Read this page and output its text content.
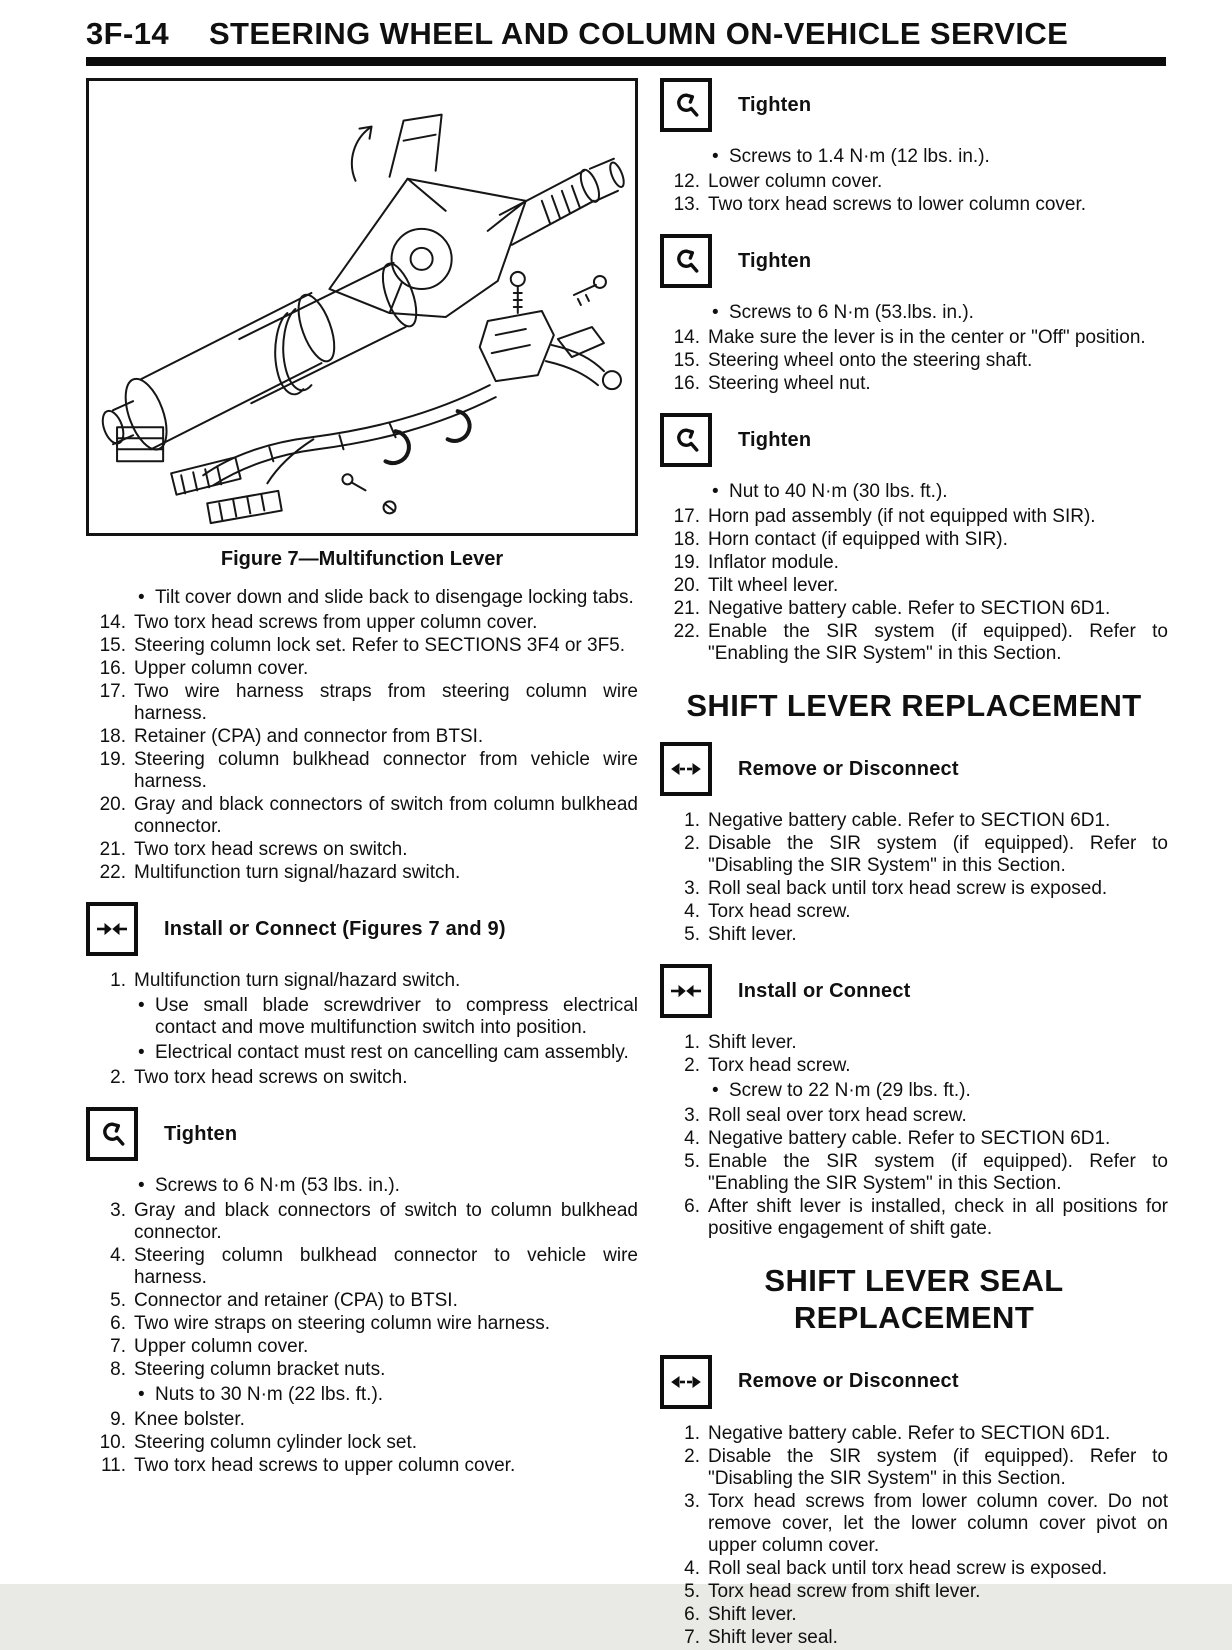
3F-14 STEERING WHEEL AND COLUMN ON-VEHICLE SERVICE
Figure 7—Multifunction Lever
• Tilt cover down and slide back to disengage locking tabs.
14. Two torx head screws from upper column cover.
15. Steering column lock set. Refer to SECTIONS 3F4 or 3F5.
16. Upper column cover.
17. Two wire harness straps from steering column wire harness.
18. Retainer (CPA) and connector from BTSI.
19. Steering column bulkhead connector from vehicle wire harness.
20. Gray and black connectors of switch from column bulkhead connector.
21. Two torx head screws on switch.
22. Multifunction turn signal/hazard switch.
Install or Connect (Figures 7 and 9)
1. Multifunction turn signal/hazard switch.
• Use small blade screwdriver to compress electrical contact and move multifunction switch into position.
• Electrical contact must rest on cancelling cam assembly.
2. Two torx head screws on switch.
Tighten
• Screws to 6 N·m (53 lbs. in.).
3. Gray and black connectors of switch to column bulkhead connector.
4. Steering column bulkhead connector to vehicle wire harness.
5. Connector and retainer (CPA) to BTSI.
6. Two wire straps on steering column wire harness.
7. Upper column cover.
8. Steering column bracket nuts.
• Nuts to 30 N·m (22 lbs. ft.).
9. Knee bolster.
10. Steering column cylinder lock set.
11. Two torx head screws to upper column cover.
Tighten
• Screws to 1.4 N·m (12 lbs. in.).
12. Lower column cover.
13. Two torx head screws to lower column cover.
Tighten
• Screws to 6 N·m (53.lbs. in.).
14. Make sure the lever is in the center or "Off" position.
15. Steering wheel onto the steering shaft.
16. Steering wheel nut.
Tighten
• Nut to 40 N·m (30 lbs. ft.).
17. Horn pad assembly (if not equipped with SIR).
18. Horn contact (if equipped with SIR).
19. Inflator module.
20. Tilt wheel lever.
21. Negative battery cable. Refer to SECTION 6D1.
22. Enable the SIR system (if equipped). Refer to "Enabling the SIR System" in this Section.
SHIFT LEVER REPLACEMENT
Remove or Disconnect
1. Negative battery cable. Refer to SECTION 6D1.
2. Disable the SIR system (if equipped). Refer to "Disabling the SIR System" in this Section.
3. Roll seal back until torx head screw is exposed.
4. Torx head screw.
5. Shift lever.
Install or Connect
1. Shift lever.
2. Torx head screw.
• Screw to 22 N·m (29 lbs. ft.).
3. Roll seal over torx head screw.
4. Negative battery cable. Refer to SECTION 6D1.
5. Enable the SIR system (if equipped). Refer to "Enabling the SIR System" in this Section.
6. After shift lever is installed, check in all positions for positive engagement of shift gate.
SHIFT LEVER SEAL REPLACEMENT
Remove or Disconnect
1. Negative battery cable. Refer to SECTION 6D1.
2. Disable the SIR system (if equipped). Refer to "Disabling the SIR System" in this Section.
3. Torx head screws from lower column cover. Do not remove cover, let the lower column cover pivot on upper column cover.
4. Roll seal back until torx head screw is exposed.
5. Torx head screw from shift lever.
6. Shift lever.
7. Shift lever seal.
